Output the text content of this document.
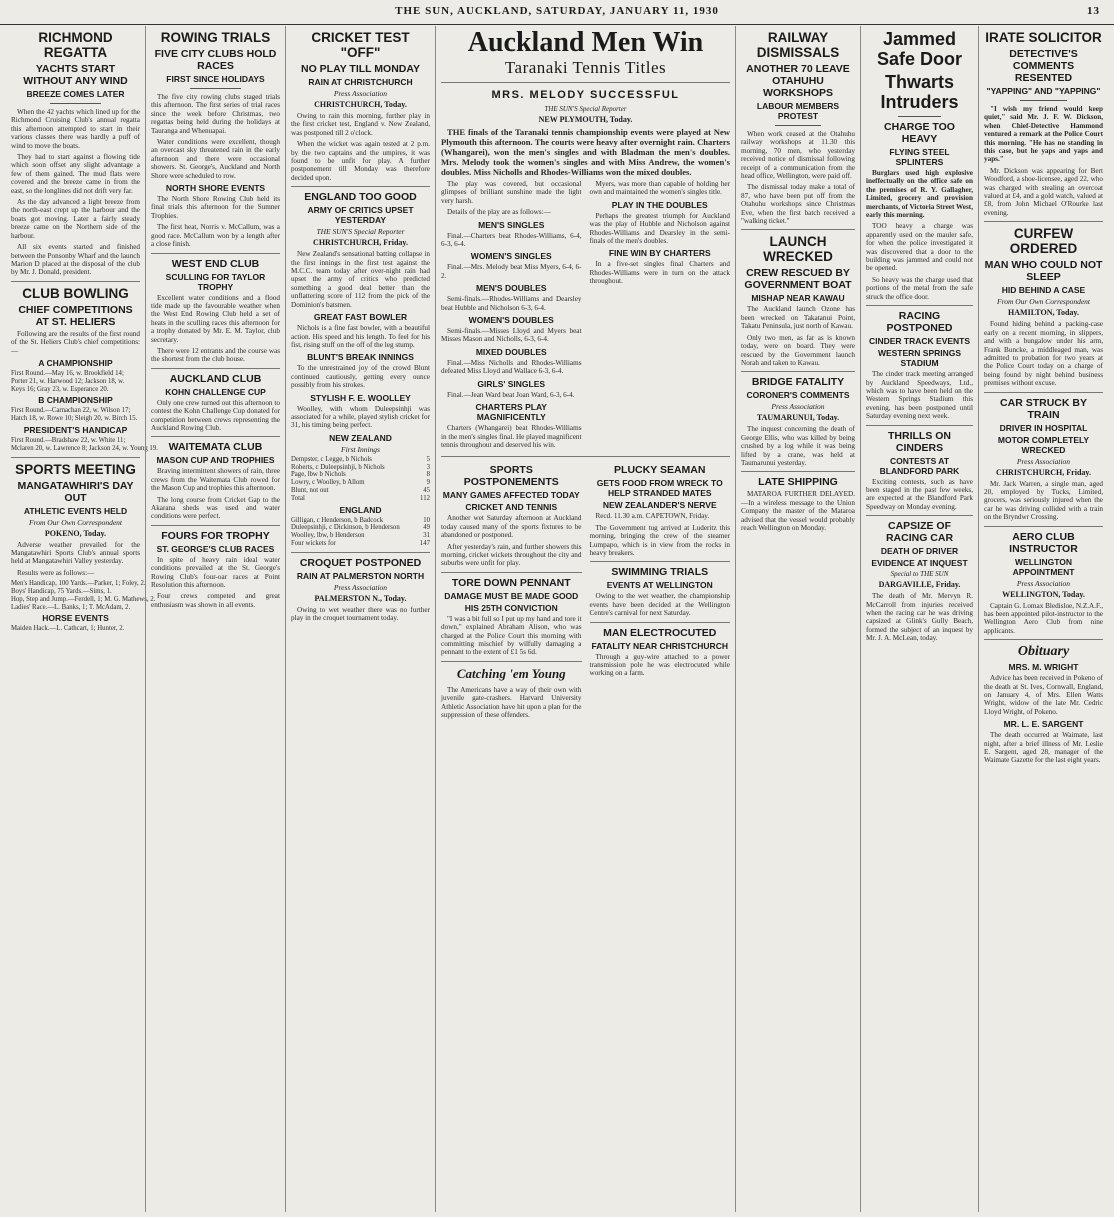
THE SUN, AUCKLAND, SATURDAY, JANUARY 11, 1930	13
RICHMOND REGATTA
YACHTS START WITHOUT ANY WIND
BREEZE COMES LATER

When the 42 yachts which lined up for the Richmond Cruising Club's annual regatta this afternoon attempted to start in their various classes there was hardly a puff of wind to move the boats.

They had to start against a flowing tide which soon offset any slight advantage a few of them gained. The mud flats were covered and the breeze came in from the east, so the longlines did not drift very far.

As the day advanced a light breeze from the north-east crept up the harbour and the boats got moving. Later a fairly steady breeze came on the Northern side of the harbour.

All six events started and finished between the Ponsonby Wharf and the launch Marion D placed at the disposal of the club by Mr. J. Donald, president.

CLUB BOWLING
CHIEF COMPETITIONS AT ST. HELIERS

Following are the results of the first round of the St. Heliers Club's chief competitions:—

A CHAMPIONSHIP
First Round.—May 16, w. Brookfield 14;
Porter 21, w. Harwood 12; Jackson 18, w.
Keys 16; Gray 23, w. Esperance 20.
B CHAMPIONSHIP
First Round.—Carnachan 22, w. Wilson 17;
Hatch 18, w. Rowe 10; Sleigh 20, w. Birch 15.
PRESIDENT'S HANDICAP
First Round.—Bradshaw 22, w. White 11;
Mclaren 20, w. Lawrence 8; Jackson 24, w. Young 19.
SPORTS MEETING
MANGATAWHIRI'S DAY OUT
ATHLETIC EVENTS HELD
From Our Own Correspondent
POKENO, Today.

Adverse weather prevailed for the Mangatawhiri Sports Club's annual sports held at Mangatawhiri Valley yesterday.

Results were as follows:—

Men's Handicap, 100 Yards.—Parker, 1; Foley, 2.
Boys' Handicap, 75 Yards.—Sims, 1.
Hop, Step and Jump.—Ferdell, 1; M. G. Mathews, 2.
Ladies' Race.—L. Banks, 1; T. McAdam, 2.
HORSE EVENTS
Maiden Hack.—L. Cathcart, 1; Hunter, 2.
ROWING TRIALS
FIVE CITY CLUBS HOLD RACES
FIRST SINCE HOLIDAYS

The five city rowing clubs staged trials this afternoon. The first series of trial races since the week before Christmas, two regattas being held during the holidays at Tauranga and Whenuapai.

Water conditions were excellent, though an overcast sky threatened rain in the early afternoon and there were occasional showers. St. George's, Auckland and North Shore were scheduled to row.

NORTH SHORE EVENTS

The North Shore Rowing Club held its final trials this afternoon for the Sumner Trophies.

The first heat, Norris v. McCallum, was a good race. McCallum won by a length after a close finish.

WEST END CLUB
SCULLING FOR TAYLOR TROPHY

Excellent water conditions and a flood tide made up the favourable weather when the West End Rowing Club held a set of heats in the sculling races this afternoon for a trophy donated by Mr. E. M. Taylor, club secretary.

There were 12 entrants and the course was the shortest from the club house.

AUCKLAND CLUB
KOHN CHALLENGE CUP

Only one crew turned out this afternoon to contest the Kohn Challenge Cup donated for competition between crews representing the Auckland Rowing Club.

WAITEMATA CLUB
MASON CUP AND TROPHIES

Braving intermittent showers of rain, three crews from the Waitemata Club rowed for the Mason Cup and trophies this afternoon.

The long course from Cricket Gap to the Akarana sheds was used and water conditions were perfect.

FOURS FOR TROPHY
ST. GEORGE'S CLUB RACES

In spite of heavy rain ideal water conditions prevailed at the St. George's Rowing Club's four-oar races at Point Resolution this afternoon.

Four crews competed and great enthusiasm was shown in all events.

CRICKET TEST "OFF"
NO PLAY TILL MONDAY
RAIN AT CHRISTCHURCH
Press Association
CHRISTCHURCH, Today.

Owing to rain this morning, further play in the first cricket test, England v. New Zealand, was postponed till 2 o'clock.

When the wicket was again tested at 2 p.m. by the two captains and the umpires, it was found to be unfit for play. A further postponement till Monday was therefore decided upon.

ENGLAND TOO GOOD
ARMY OF CRITICS UPSET YESTERDAY
THE SUN'S Special Reporter
CHRISTCHURCH, Friday.

New Zealand's sensational batting collapse in the first innings in the first test against the M.C.C. team today after over-night rain had upset the army of critics who predicted something a good deal better than the unflattering score of 112 from the pick of the Dominion's batsmen.

GREAT FAST BOWLER

Nichols is a fine fast bowler, with a beautiful action. His speed and his length. To feel for his fist, rising stuff on the off of the leg stump.

BLUNT'S BREAK INNINGS

To the unrestrained joy of the crowd Blunt continued cautiously, getting every ounce possibly from his strokes.

STYLISH F. E. WOOLLEY

Woolley, with whom Duleepsinhji was associated for a while, played stylish cricket for 31, his timing being perfect.

NEW ZEALAND
First Innings
Dempster, c Legge, b Nichols	5
Roberts, c Duleepsinhji, b Nichols	3
Page, lbw b Nichols	8
Lowry, c Woolley, b Allom	9
Blunt, not out	45
Total	112
ENGLAND
Gilligan, c Henderson, b Badcock	10
Duleepsinhji, c Dickinson, b Henderson	49
Woolley, lbw, b Henderson	31
Four wickets for	147
CROQUET POSTPONED
RAIN AT PALMERSTON NORTH
Press Association
PALMERSTON N., Today.

Owing to wet weather there was no further play in the croquet tournament today.

Auckland Men Win
Taranaki Tennis Titles
MRS. MELODY SUCCESSFUL
THE SUN'S Special Reporter
NEW PLYMOUTH, Today.

THE finals of the Taranaki tennis championship events were played at New Plymouth this afternoon. The courts were heavy after overnight rain. Charters (Whangarei), won the men's singles and with Bladman the men's doubles. Mrs. Melody took the women's singles and with Miss Andrew, the women's doubles. Miss Nicholls and Rhodes-Williams won the mixed doubles.

The play was covered, but occasional glimpses of brilliant sunshine made the light very harsh.

Details of the play are as follows:—

MEN'S SINGLES

Final.—Charters beat Rhodes-Williams, 6-4, 6-3, 6-4.

WOMEN'S SINGLES

Final.—Mrs. Melody beat Miss Myers, 6-4, 6-2.

MEN'S DOUBLES

Semi-finals.—Rhodes-Williams and Dearsley beat Hubble and Nicholson 6-3, 6-4.

WOMEN'S DOUBLES

Semi-finals.—Misses Lloyd and Myers beat Misses Mason and Nicholls, 6-3, 6-4.

MIXED DOUBLES

Final.—Miss Nicholls and Rhodes-Williams defeated Miss Lloyd and Wallace 6-3, 6-4.

GIRLS' SINGLES

Final.—Jean Ward beat Joan Ward, 6-3, 6-4.

CHARTERS PLAY MAGNIFICENTLY

Charters (Whangarei) beat Rhodes-Williams in the men's singles final. He played magnificent tennis throughout and deserved his win.

Myers, was more than capable of holding her own and maintained the women's singles title.

PLAY IN THE DOUBLES

Perhaps the greatest triumph for Auckland was the play of Hubble and Nicholson against Rhodes-Williams and Dearsley in the semi-finals of the men's doubles.

FINE WIN BY CHARTERS

In a five-set singles final Charters and Rhodes-Williams were in turn on the attack throughout.

SPORTS POSTPONEMENTS
MANY GAMES AFFECTED TODAY
CRICKET AND TENNIS

Another wet Saturday afternoon at Auckland today caused many of the sports fixtures to be abandoned or postponed.

After yesterday's rain, and further showers this morning, cricket wickets throughout the city and suburbs were unfit for play.

TORE DOWN PENNANT
DAMAGE MUST BE MADE GOOD
HIS 25TH CONVICTION

"I was a bit full so I put up my hand and tore it down," explained Abraham Alison, who was charged at the Police Court this morning with committing mischief by wilfully damaging a pennant to the extent of £1 5s 6d.

Catching 'em Young

The Americans have a way of their own with juvenile gate-crashers. Harvard University Athletic Association have hit upon a plan for the suppression of these offenders.

PLUCKY SEAMAN
GETS FOOD FROM WRECK TO HELP STRANDED MATES
NEW ZEALANDER'S NERVE

Recd. 11.30 a.m. CAPETOWN, Friday.

The Government tug arrived at Luderitz this morning, bringing the crew of the steamer Lumpapo, which is in view from the rocks in heavy breakers.

SWIMMING TRIALS
EVENTS AT WELLINGTON

Owing to the wet weather, the championship events have been decided at the Wellington Centre's carnival for next Saturday.

MAN ELECTROCUTED
FATALITY NEAR CHRISTCHURCH

Through a guy-wire attached to a power transmission pole he was electrocuted while working on a farm.

RAILWAY DISMISSALS
ANOTHER 70 LEAVE OTAHUHU WORKSHOPS
LABOUR MEMBERS PROTEST

When work ceased at the Otahuhu railway workshops at 11.30 this morning, 70 men, who yesterday received notice of dismissal following receipt of a communication from the head office, Wellington, were paid off.

The dismissal today make a total of 87, who have been put off from the Otahuhu workshops since Christmas Eve, when the first batch received a "walking ticket."

LAUNCH WRECKED
CREW RESCUED BY GOVERNMENT BOAT
MISHAP NEAR KAWAU

The Auckland launch Ozone has been wrecked on Takatanui Point, Takatu Peninsula, just north of Kawau.

Only two men, as far as is known today, were on board. They were rescued by the Government launch Norah and taken to Kawau.

BRIDGE FATALITY
CORONER'S COMMENTS
Press Association
TAUMARUNUI, Today.

The inquest concerning the death of George Ellis, who was killed by being crushed by a log while it was being lifted by a crane, was held at Taumarunui yesterday.

LATE SHIPPING

MATAROA FURTHER DELAYED.—In a wireless message to the Union Company the master of the Mataroa advised that the vessel would probably reach Wellington on Monday.

Jammed Safe Door
Thwarts Intruders
CHARGE TOO HEAVY
FLYING STEEL SPLINTERS

Burglars used high explosive ineffectually on the office safe on the premises of R. Y. Gallagher, Limited, grocery and provision merchants, of Victoria Street West, early this morning.

TOO heavy a charge was apparently used on the mauler safe, for when the police investigated it was discovered that a door to the building was jammed and could not be opened.

So heavy was the charge used that portions of the metal from the safe struck the office door.

RACING POSTPONED
CINDER TRACK EVENTS
WESTERN SPRINGS STADIUM

The cinder track meeting arranged by Auckland Speedways, Ltd., which was to have been held on the Western Springs Stadium this evening, has been postponed until Saturday evening next week.

THRILLS ON CINDERS
CONTESTS AT BLANDFORD PARK

Exciting contests, such as have been staged in the past few weeks, are expected at the Blandford Park Speedway on Monday evening.

CAPSIZE OF RACING CAR
DEATH OF DRIVER
EVIDENCE AT INQUEST
Special to THE SUN
DARGAVILLE, Friday.

The death of Mr. Mervyn R. McCarroll from injuries received when the racing car he was driving capsized at Glink's Gully Beach, formed the subject of an inquest by Mr. J. A. McLean, today.

IRATE SOLICITOR
DETECTIVE'S COMMENTS RESENTED
"YAPPING" AND "YAPPING"

"I wish my friend would keep quiet," said Mr. J. F. W. Dickson, when Chief-Detective Hammond ventured a remark at the Police Court this morning. "He has no standing in this case, but he yaps and yaps and yaps."

Mr. Dickson was appearing for Bert Woodford, a shoe-licensee, aged 22, who was charged with stealing an overcoat valued at £4, and a gold watch, valued at £8, from John Michael O'Rourke last evening.

CURFEW ORDERED
MAN WHO COULD NOT SLEEP
HID BEHIND A CASE
From Our Own Correspondent
HAMILTON, Today.

Found hiding behind a packing-case early on a recent morning, in slippers, and with a bungalow under his arm, Frank Buncke, a middleaged man, was admitted to probation for two years at the Police Court today on a charge of being found by night behind business premises without excuse.

CAR STRUCK BY TRAIN
DRIVER IN HOSPITAL
MOTOR COMPLETELY WRECKED
Press Association
CHRISTCHURCH, Friday.

Mr. Jack Warren, a single man, aged 20, employed by Tucks, Limited, grocers, was seriously injured when the car he was driving collided with a train on the Bryndwr Crossing.

AERO CLUB INSTRUCTOR
WELLINGTON APPOINTMENT
Press Association
WELLINGTON, Today.

Captain G. Lomax Bledisloe, N.Z.A.F., has been appointed pilot-instructor to the Wellington Aero Club from nine applicants.

Obituary
MRS. M. WRIGHT

Advice has been received in Pokeno of the death at St. Ives, Cornwall, England, on January 4, of Mrs. Ellen Watts Wright, widow of the late Mr. Cedric Lloyd Wright, of Pokeno.

MR. L. E. SARGENT

The death occurred at Waimate, last night, after a brief illness of Mr. Leslie E. Sargent, aged 28, manager of the Waimate Gazette for the last eight years.
